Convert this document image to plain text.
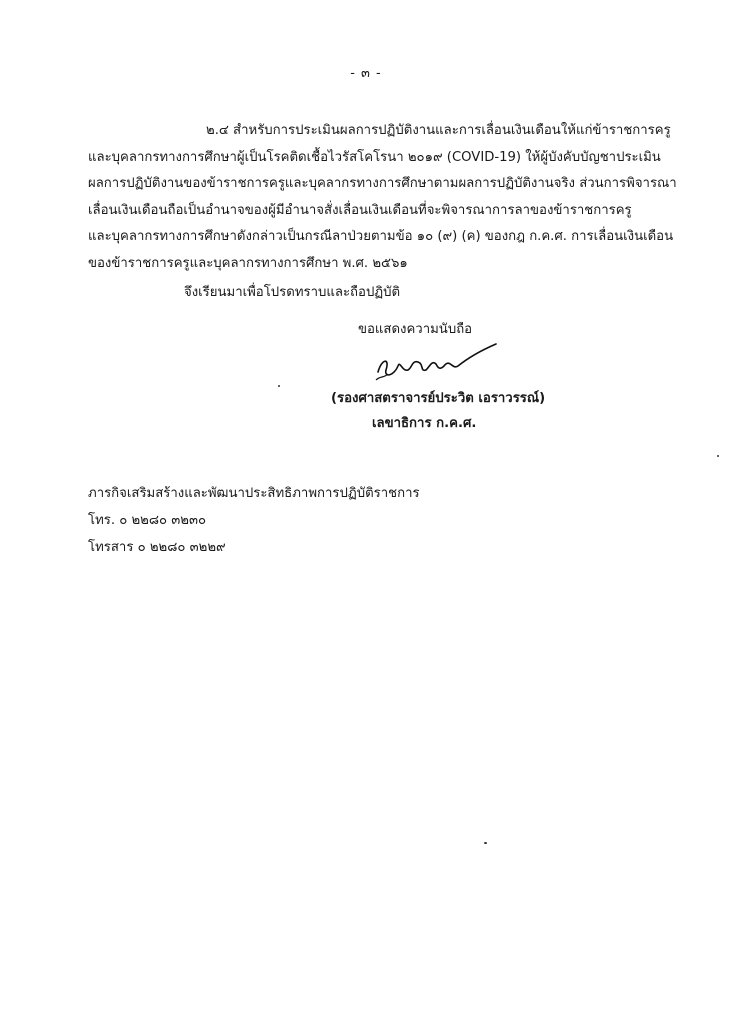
- ๓ -
๒.๔ สำหรับการประเมินผลการปฏิบัติงานและการเลื่อนเงินเดือนให้แก่ข้าราชการครู
และบุคลากรทางการศึกษาผู้เป็นโรคติดเชื้อไวรัสโคโรนา ๒๐๑๙ (COVID-19) ให้ผู้บังคับบัญชาประเมิน
ผลการปฏิบัติงานของข้าราชการครูและบุคลากรทางการศึกษาตามผลการปฏิบัติงานจริง ส่วนการพิจารณา
เลื่อนเงินเดือนถือเป็นอำนาจของผู้มีอำนาจสั่งเลื่อนเงินเดือนที่จะพิจารณาการลาของข้าราชการครู
และบุคลากรทางการศึกษาดังกล่าวเป็นกรณีลาป่วยตามข้อ ๑๐ (๙) (ค) ของกฎ ก.ค.ศ. การเลื่อนเงินเดือน
ของข้าราชการครูและบุคลากรทางการศึกษา พ.ศ. ๒๕๖๑
จึงเรียนมาเพื่อโปรดทราบและถือปฏิบัติ
ขอแสดงความนับถือ
(รองศาสตราจารย์ประวิต เอราวรรณ์)
เลขาธิการ ก.ค.ศ.
ภารกิจเสริมสร้างและพัฒนาประสิทธิภาพการปฏิบัติราชการ
โทร. ๐ ๒๒๘๐ ๓๒๓๐
โทรสาร ๐ ๒๒๘๐ ๓๒๒๙
